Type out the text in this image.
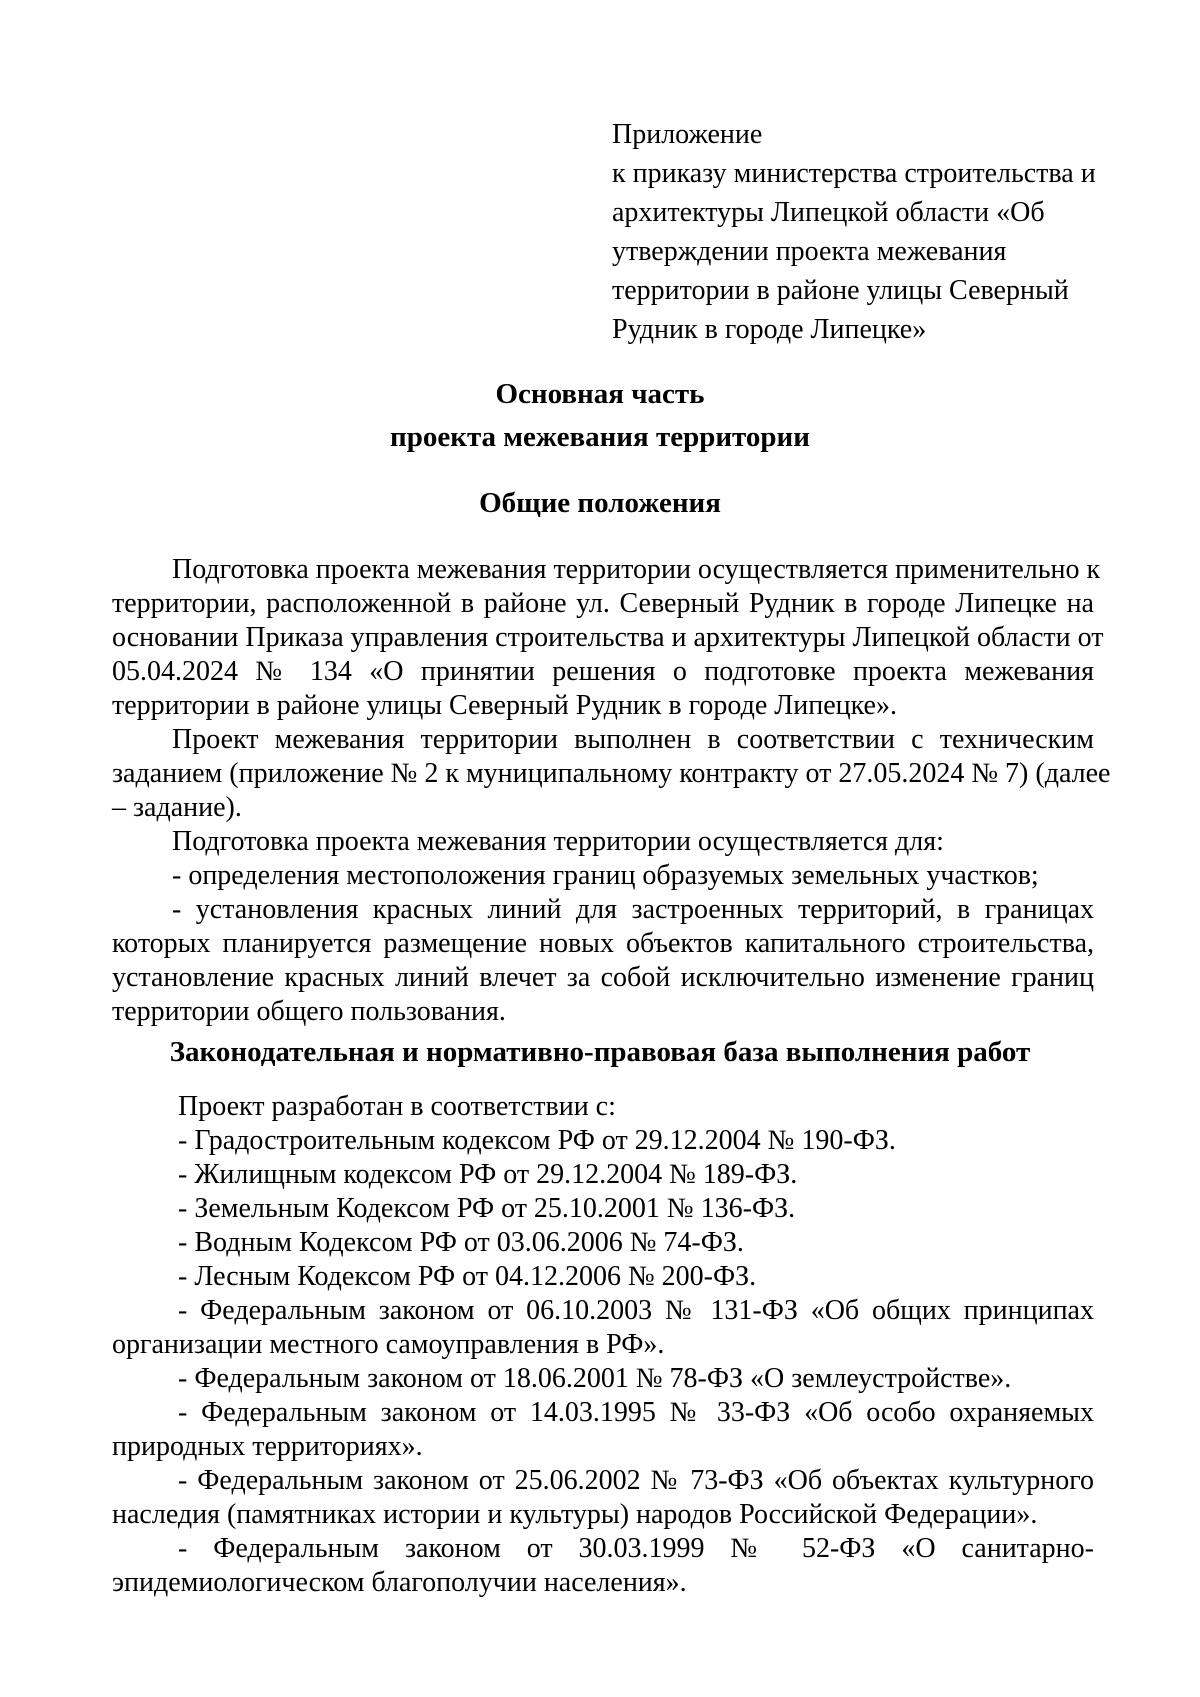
Приложение
к приказу министерства строительства и
архитектуры Липецкой области «Об
утверждении проекта межевания
территории в районе улицы Северный
Рудник в городе Липецке»
Основная часть
проекта межевания территории
Общие положения
Подготовка проекта межевания территории осуществляется применительно к
территории, расположенной в районе ул. Северный Рудник в городе Липецке на
основании Приказа управления строительства и архитектуры Липецкой области от
05.04.2024 № 134 «О принятии решения о подготовке проекта межевания
территории в районе улицы Северный Рудник в городе Липецке».
Проект межевания территории выполнен в соответствии с техническим
заданием (приложение № 2 к муниципальному контракту от 27.05.2024 № 7) (далее
– задание).
Подготовка проекта межевания территории осуществляется для:
- определения местоположения границ образуемых земельных участков;
- установления красных линий для застроенных территорий, в границах
которых планируется размещение новых объектов капитального строительства,
установление красных линий влечет за собой исключительно изменение границ
территории общего пользования.
Законодательная и нормативно-правовая база выполнения работ
Проект разработан в соответствии с:
- Градостроительным кодексом РФ от 29.12.2004 № 190-ФЗ.
- Жилищным кодексом РФ от 29.12.2004 № 189-ФЗ.
- Земельным Кодексом РФ от 25.10.2001 № 136-ФЗ.
- Водным Кодексом РФ от 03.06.2006 № 74-ФЗ.
- Лесным Кодексом РФ от 04.12.2006 № 200-ФЗ.
- Федеральным законом от 06.10.2003 № 131-ФЗ «Об общих принципах
организации местного самоуправления в РФ».
- Федеральным законом от 18.06.2001 № 78-ФЗ «О землеустройстве».
- Федеральным законом от 14.03.1995 № 33-ФЗ «Об особо охраняемых
природных территориях».
- Федеральным законом от 25.06.2002 № 73-ФЗ «Об объектах культурного
наследия (памятниках истории и культуры) народов Российской Федерации».
- Федеральным законом от 30.03.1999 № 52-ФЗ «О санитарно-
эпидемиологическом благополучии населения».
